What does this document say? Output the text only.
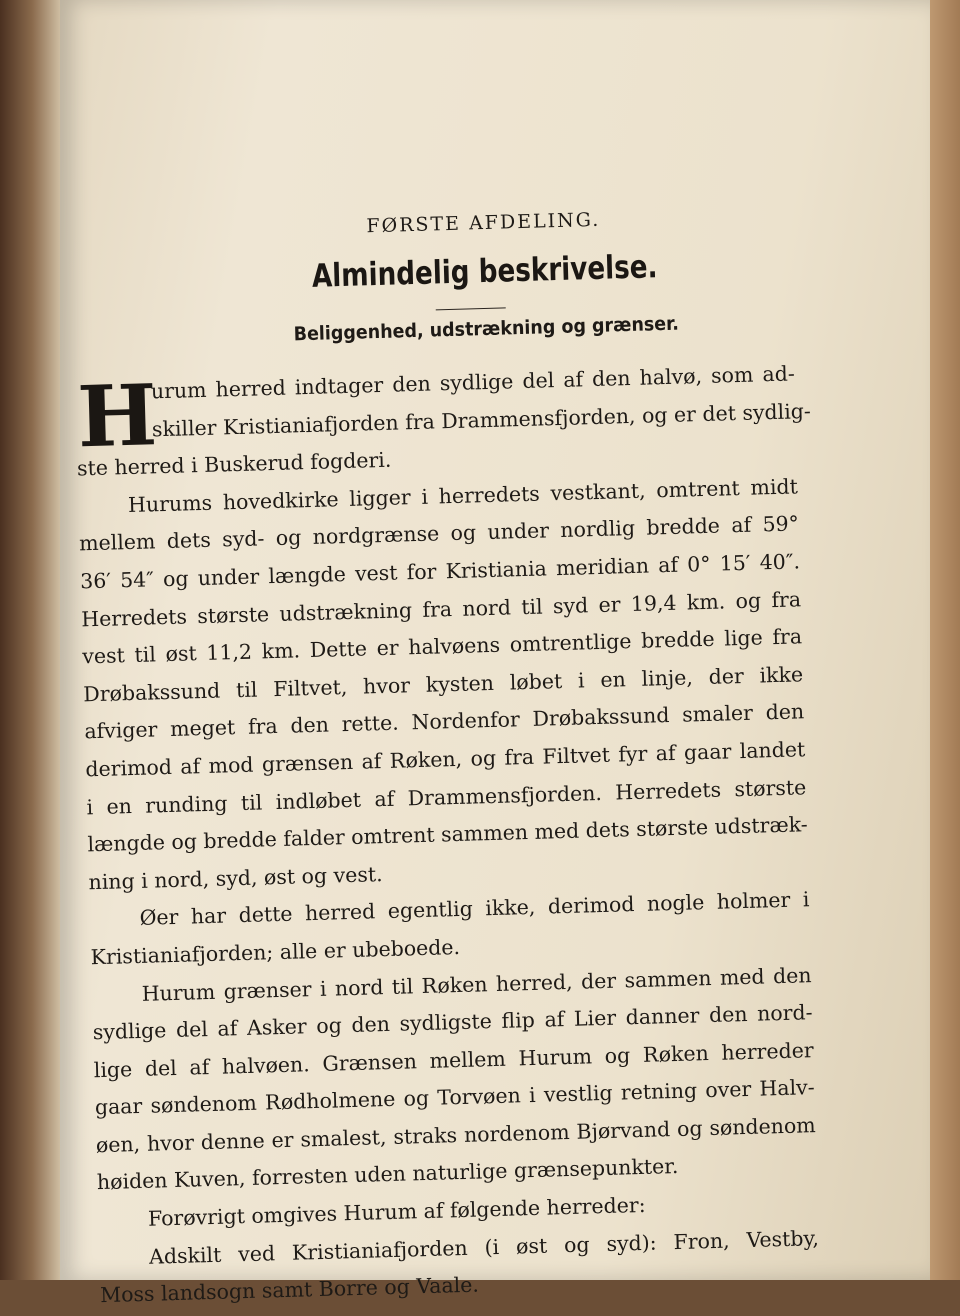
FØRSTE AFDELING.
Almindelig beskrivelse.
Beliggenhed, udstrækning og grænser.
H
urum herred indtager den sydlige del af den halvø, som ad-
skiller Kristianiafjorden fra Drammensfjorden, og er det sydlig-
ste herred i Buskerud fogderi.
Hurums hovedkirke ligger i herredets vestkant, omtrent midt
mellem dets syd- og nordgrænse og under nordlig bredde af 59°
36′ 54″ og under længde vest for Kristiania meridian af 0° 15′ 40″.
Herredets største udstrækning fra nord til syd er 19,4 km. og fra
vest til øst 11,2 km. Dette er halvøens omtrentlige bredde lige fra
Drøbakssund til Filtvet, hvor kysten løbet i en linje, der ikke
afviger meget fra den rette. Nordenfor Drøbakssund smaler den
derimod af mod grænsen af Røken, og fra Filtvet fyr af gaar landet
i en runding til indløbet af Drammensfjorden. Herredets største
længde og bredde falder omtrent sammen med dets største udstræk-
ning i nord, syd, øst og vest.
Øer har dette herred egentlig ikke, derimod nogle holmer i
Kristianiafjorden; alle er ubeboede.
Hurum grænser i nord til Røken herred, der sammen med den
sydlige del af Asker og den sydligste flip af Lier danner den nord-
lige del af halvøen. Grænsen mellem Hurum og Røken herreder
gaar søndenom Rødholmene og Torvøen i vestlig retning over Halv-
øen, hvor denne er smalest, straks nordenom Bjørvand og søndenom
høiden Kuven, forresten uden naturlige grænsepunkter.
Forøvrigt omgives Hurum af følgende herreder:
Adskilt ved Kristianiafjorden (i øst og syd): Fron, Vestby,
Moss landsogn samt Borre og Vaale.
